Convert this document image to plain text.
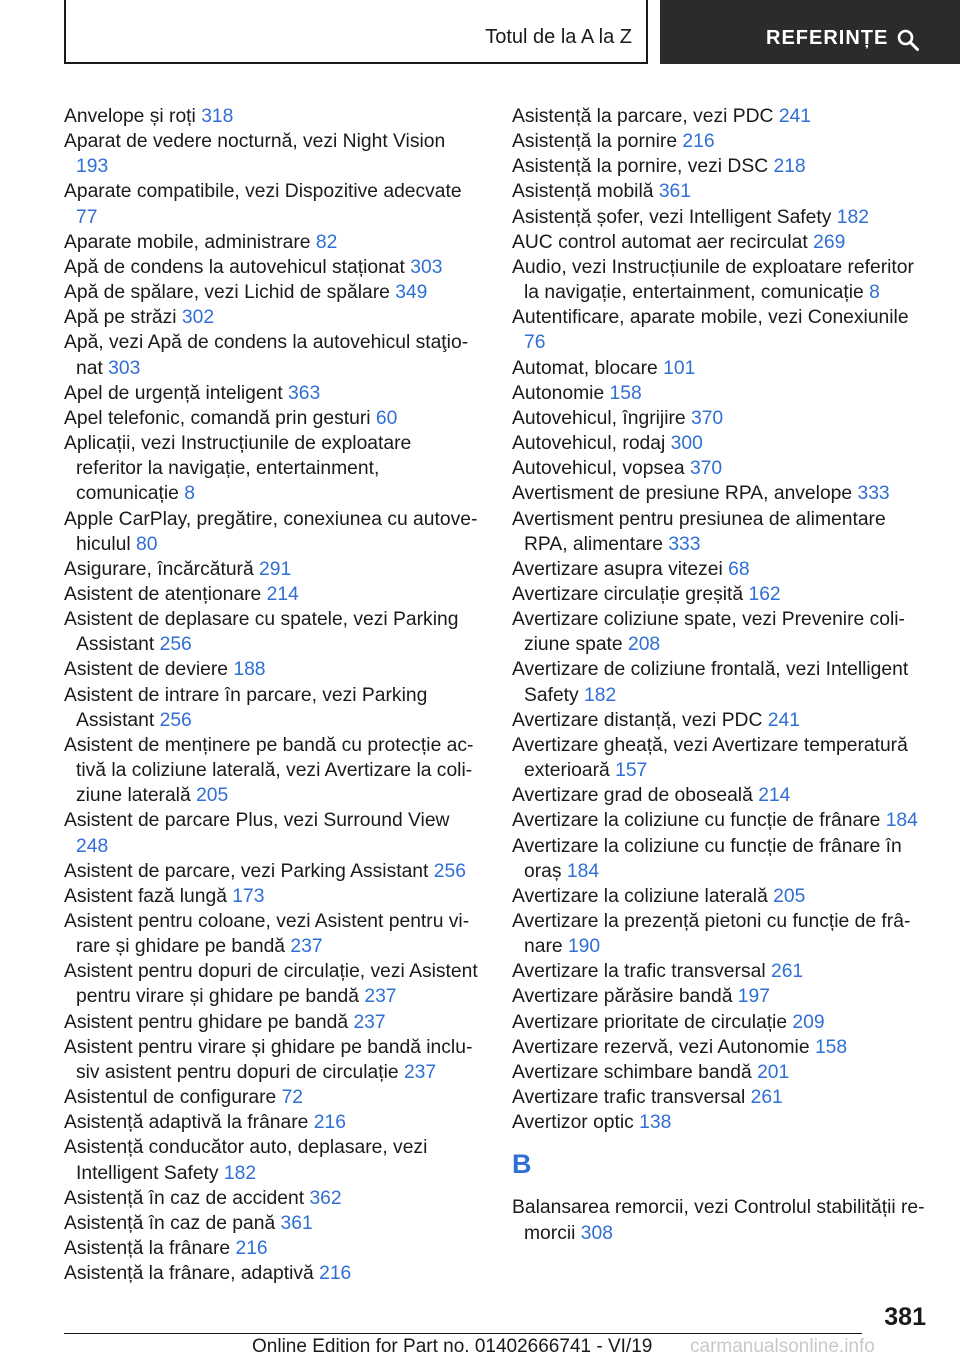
Totul de la A la Z	REFERINȚE
Anvelope și roți 318
Aparat de vedere nocturnă, vezi Night Vision 193
Aparate compatibile, vezi Dispozitive adecvate 77
Aparate mobile, administrare 82
Apă de condens la autovehicul staționat 303
Apă de spălare, vezi Lichid de spălare 349
Apă pe străzi 302
Apă, vezi Apă de condens la autovehicul staţionat 303
Apel de urgență inteligent 363
Apel telefonic, comandă prin gesturi 60
Aplicații, vezi Instrucțiunile de exploatare referitor la navigație, entertainment, comunicație 8
Apple CarPlay, pregătire, conexiunea cu autovehiculul 80
Asigurare, încărcătură 291
Asistent de atenționare 214
Asistent de deplasare cu spatele, vezi Parking Assistant 256
Asistent de deviere 188
Asistent de intrare în parcare, vezi Parking Assistant 256
Asistent de menținere pe bandă cu protecție activă la coliziune laterală, vezi Avertizare la coliziune laterală 205
Asistent de parcare Plus, vezi Surround View 248
Asistent de parcare, vezi Parking Assistant 256
Asistent fază lungă 173
Asistent pentru coloane, vezi Asistent pentru virare și ghidare pe bandă 237
Asistent pentru dopuri de circulație, vezi Asistent pentru virare și ghidare pe bandă 237
Asistent pentru ghidare pe bandă 237
Asistent pentru virare și ghidare pe bandă inclusiv asistent pentru dopuri de circulație 237
Asistentul de configurare 72
Asistență adaptivă la frânare 216
Asistență conducător auto, deplasare, vezi Intelligent Safety 182
Asistență în caz de accident 362
Asistență în caz de pană 361
Asistență la frânare 216
Asistență la frânare, adaptivă 216
Asistență la parcare, vezi PDC 241
Asistență la pornire 216
Asistență la pornire, vezi DSC 218
Asistență mobilă 361
Asistență șofer, vezi Intelligent Safety 182
AUC control automat aer recirculat 269
Audio, vezi Instrucțiunile de exploatare referitor la navigație, entertainment, comunicație 8
Autentificare, aparate mobile, vezi Conexiunile 76
Automat, blocare 101
Autonomie 158
Autovehicul, îngrijire 370
Autovehicul, rodaj 300
Autovehicul, vopsea 370
Avertisment de presiune RPA, anvelope 333
Avertisment pentru presiunea de alimentare RPA, alimentare 333
Avertizare asupra vitezei 68
Avertizare circulație greșită 162
Avertizare coliziune spate, vezi Prevenire coliziune spate 208
Avertizare de coliziune frontală, vezi Intelligent Safety 182
Avertizare distanță, vezi PDC 241
Avertizare gheață, vezi Avertizare temperatură exterioară 157
Avertizare grad de oboseală 214
Avertizare la coliziune cu funcție de frânare 184
Avertizare la coliziune cu funcție de frânare în oraș 184
Avertizare la coliziune laterală 205
Avertizare la prezență pietoni cu funcție de frânare 190
Avertizare la trafic transversal 261
Avertizare părăsire bandă 197
Avertizare prioritate de circulație 209
Avertizare rezervă, vezi Autonomie 158
Avertizare schimbare bandă 201
Avertizare trafic transversal 261
Avertizor optic 138
B
Balansarea remorcii, vezi Controlul stabilității remorcii 308
381
Online Edition for Part no. 01402666741 - VI/19 carmanualsonline.info
